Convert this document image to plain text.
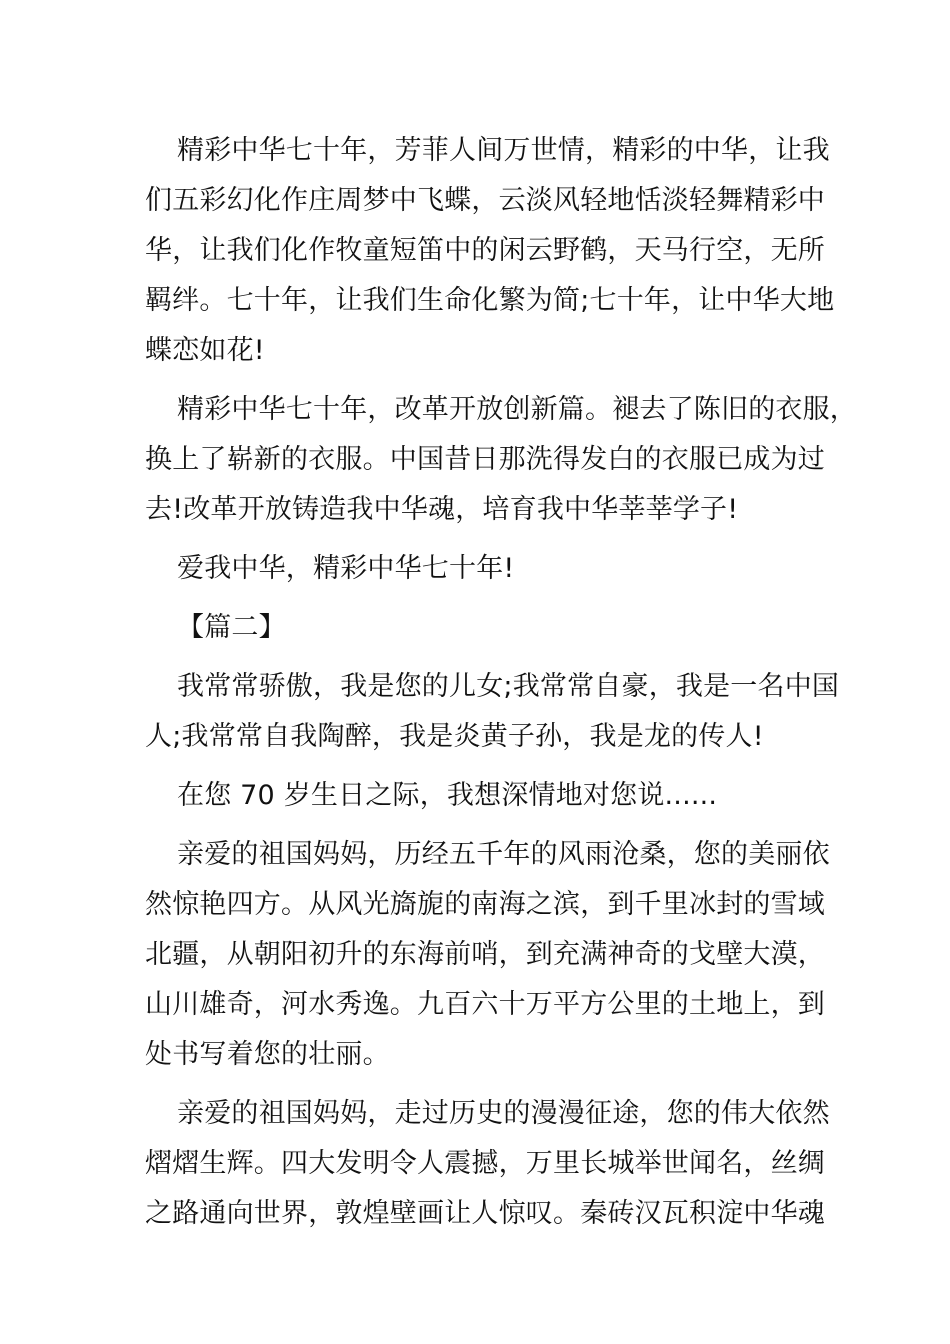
精彩中华七十年，芳菲人间万世情，精彩的中华，让我
们五彩幻化作庄周梦中飞蝶，云淡风轻地恬淡轻舞精彩中
华，让我们化作牧童短笛中的闲云野鹤，天马行空，无所
羁绊。七十年，让我们生命化繁为简;七十年，让中华大地
蝶恋如花!
精彩中华七十年，改革开放创新篇。褪去了陈旧的衣服，
换上了崭新的衣服。中国昔日那洗得发白的衣服已成为过
去!改革开放铸造我中华魂，培育我中华莘莘学子!
爱我中华，精彩中华七十年!
【篇二】
我常常骄傲，我是您的儿女;我常常自豪，我是一名中国
人;我常常自我陶醉，我是炎黄子孙，我是龙的传人!
在您 70 岁生日之际，我想深情地对您说......
亲爱的祖国妈妈，历经五千年的风雨沧桑，您的美丽依
然惊艳四方。从风光旖旎的南海之滨，到千里冰封的雪域
北疆，从朝阳初升的东海前哨，到充满神奇的戈壁大漠，
山川雄奇，河水秀逸。九百六十万平方公里的土地上，到
处书写着您的壮丽。
亲爱的祖国妈妈，走过历史的漫漫征途，您的伟大依然
熠熠生辉。四大发明令人震撼，万里长城举世闻名，丝绸
之路通向世界，敦煌壁画让人惊叹。秦砖汉瓦积淀中华魂
